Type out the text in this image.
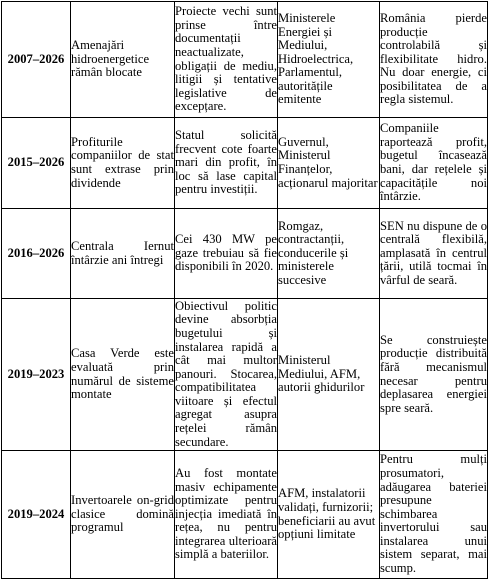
2007–2026	Amenajări hidroenergetice rămân blocate	Proiecte vechi sunt prinse între documentații neactualizate, obligații de mediu, litigii și tentative legislative de excepțare.	Ministerele Energiei și Mediului, Hidroelectrica, Parlamentul, autoritățile emitente	România pierde producție controlabilă și flexibilitate hidro. Nu doar energie, ci posibilitatea de a regla sistemul.

2015–2026	Profiturile companiilor de stat sunt extrase prin dividende	Statul solicită frecvent cote foarte mari din profit, în loc să lase capital pentru investiții.	Guvernul, Ministerul Finanțelor, acționarul majoritar	Companiile raportează profit, bugetul încasează bani, dar rețelele și capacitățile noi întârzie.

2016–2026	Centrala Iernut întârzie ani întregi	Cei 430 MW pe gaze trebuiau să fie disponibili în 2020.	Romgaz, contractanții, conducerile și ministerele succesive	SEN nu dispune de o centrală flexibilă, amplasată în centrul țării, utilă tocmai în vârful de seară.

2019–2023	Casa Verde este evaluată prin numărul de sisteme montate	Obiectivul politic devine absorbția bugetului și instalarea rapidă a cât mai multor panouri. Stocarea, compatibilitatea viitoare și efectul agregat asupra rețelei rămân secundare.	Ministerul Mediului, AFM, autorii ghidurilor	Se construiește producție distribuită fără mecanismul necesar pentru deplasarea energiei spre seară.

2019–2024	Invertoarele on-grid clasice domină programul	Au fost montate masiv echipamente optimizate pentru injecția imediată în rețea, nu pentru integrarea ulterioară simplă a bateriilor.	AFM, instalatorii validați, furnizorii; beneficiarii au avut opțiuni limitate	Pentru mulți prosumatori, adăugarea bateriei presupune schimbarea invertorului sau instalarea unui sistem separat, mai scump.
